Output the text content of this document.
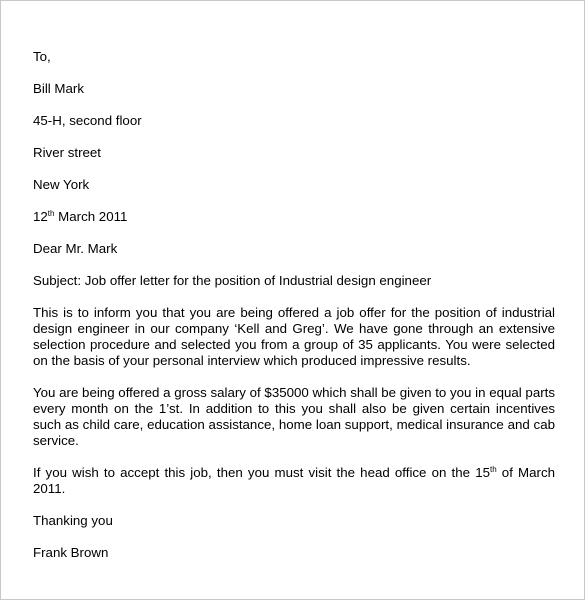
To,
Bill Mark
45-H, second floor
River street
New York
12th March 2011
Dear Mr. Mark
Subject: Job offer letter for the position of Industrial design engineer
This is to inform you that you are being offered a job offer for the position of industrial design engineer in our company ‘Kell and Greg’. We have gone through an extensive selection procedure and selected you from a group of 35 applicants. You were selected on the basis of your personal interview which produced impressive results.
You are being offered a gross salary of $35000 which shall be given to you in equal parts every month on the 1’st. In addition to this you shall also be given certain incentives such as child care, education assistance, home loan support, medical insurance and cab service.
If you wish to accept this job, then you must visit the head office on the 15th of March 2011.
Thanking you
Frank Brown
